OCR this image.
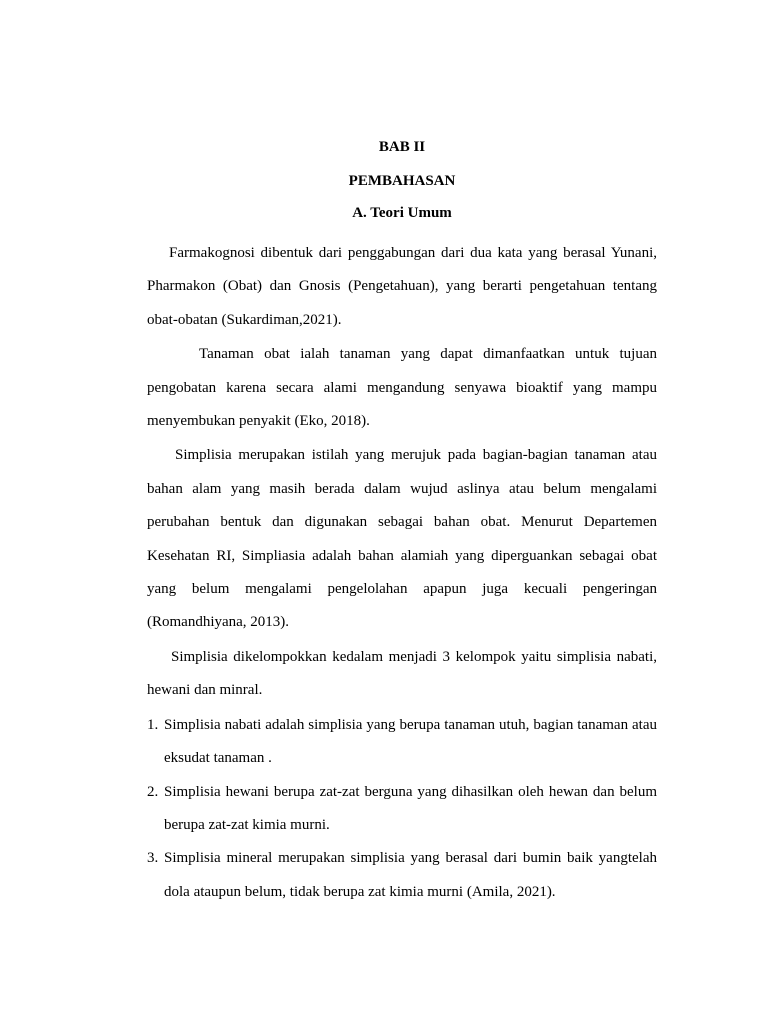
BAB II
PEMBAHASAN
A. Teori Umum

Farmakognosi dibentuk dari penggabungan dari dua kata yang berasal Yunani, Pharmakon (Obat) dan Gnosis (Pengetahuan), yang berarti pengetahuan tentang obat-obatan (Sukardiman,2021).

Tanaman obat ialah tanaman yang dapat dimanfaatkan untuk tujuan pengobatan karena secara alami mengandung senyawa bioaktif yang mampu menyembukan penyakit (Eko, 2018).

Simplisia merupakan istilah yang merujuk pada bagian-bagian tanaman atau bahan alam yang masih berada dalam wujud aslinya atau belum mengalami perubahan bentuk dan digunakan sebagai bahan obat. Menurut Departemen Kesehatan RI, Simpliasia adalah bahan alamiah yang diperguankan sebagai obat yang belum mengalami pengelolahan apapun juga kecuali pengeringan (Romandhiyana, 2013).

Simplisia dikelompokkan kedalam menjadi 3 kelompok yaitu simplisia nabati, hewani dan minral.

1. Simplisia nabati adalah simplisia yang berupa tanaman utuh, bagian tanaman atau eksudat tanaman .
2. Simplisia hewani berupa zat-zat berguna yang dihasilkan oleh hewan dan belum berupa zat-zat kimia murni.
3. Simplisia mineral merupakan simplisia yang berasal dari bumin baik yangtelah dola ataupun belum, tidak berupa zat kimia murni (Amila, 2021).
